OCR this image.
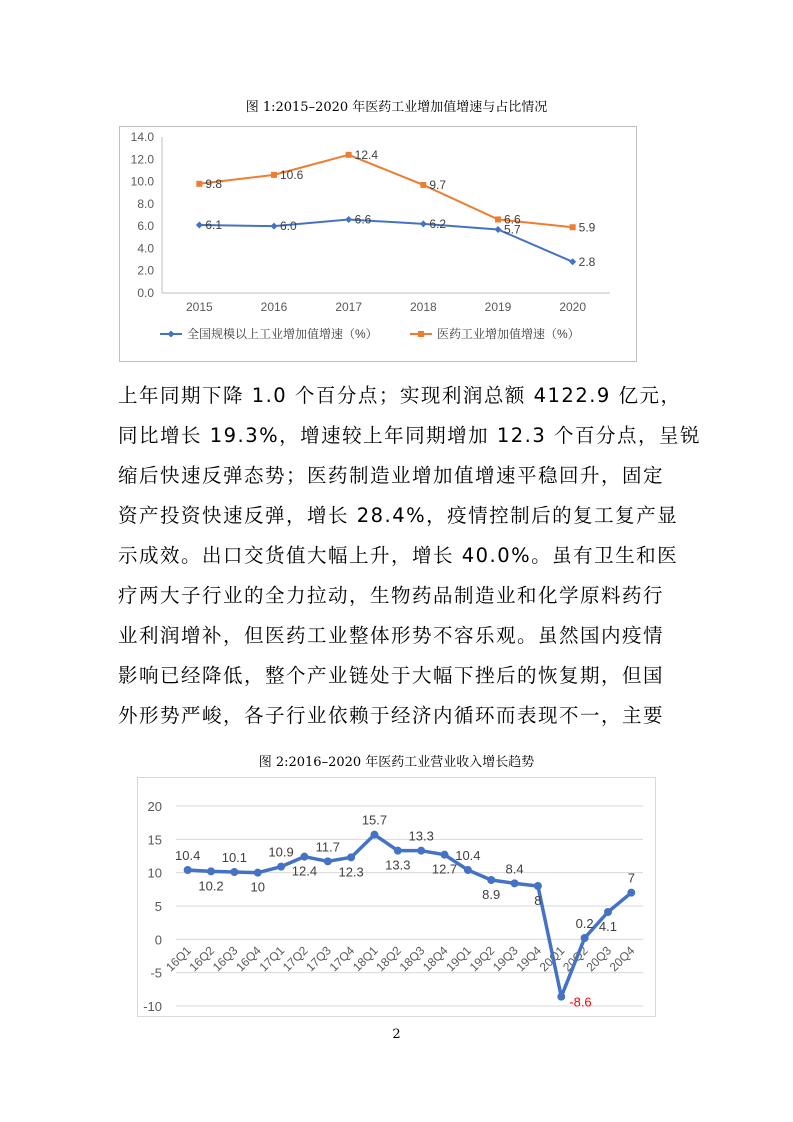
图 1:2015–2020 年医药工业增加值增速与占比情况
0.0
2.0
4.0
6.0
8.0
10.0
12.0
14.0
2015	2016	2017	2018	2019	2020
6.1	6.0	6.6	6.2	5.7
2.8
9.8
10.6
12.4
9.7
6.6
5.9
全国规模以上工业增加值增速（%）	医药工业增加值增速（%）
上年同期下降 1.0 个百分点；实现利润总额 4122.9 亿元，
同比增长 19.3%，增速较上年同期增加 12.3 个百分点，呈锐
缩后快速反弹态势；医药制造业增加值增速平稳回升，固定
资产投资快速反弹，增长 28.4%，疫情控制后的复工复产显
示成效。出口交货值大幅上升，增长 40.0%。虽有卫生和医
疗两大子行业的全力拉动，生物药品制造业和化学原料药行
业利润增补，但医药工业整体形势不容乐观。虽然国内疫情
影响已经降低，整个产业链处于大幅下挫后的恢复期，但国
外形势严峻，各子行业依赖于经济内循环而表现不一，主要
图 2:2016–2020 年医药工业营业收入增长趋势
-10
-5
0
5
10
15
20
16Q1
16Q2
16Q3
16Q4
17Q1
17Q2
17Q3
17Q4
18Q1
18Q2
18Q3
18Q4
19Q1
19Q2
19Q3
19Q4
20Q1
20Q2
20Q3
20Q4
10.4
10.2
10.1
10
10.9
12.4
11.7
12.3
15.7
13.3
13.3
12.7
10.4
8.9
8.4
8
-8.6
0.2 4.1
7
2
